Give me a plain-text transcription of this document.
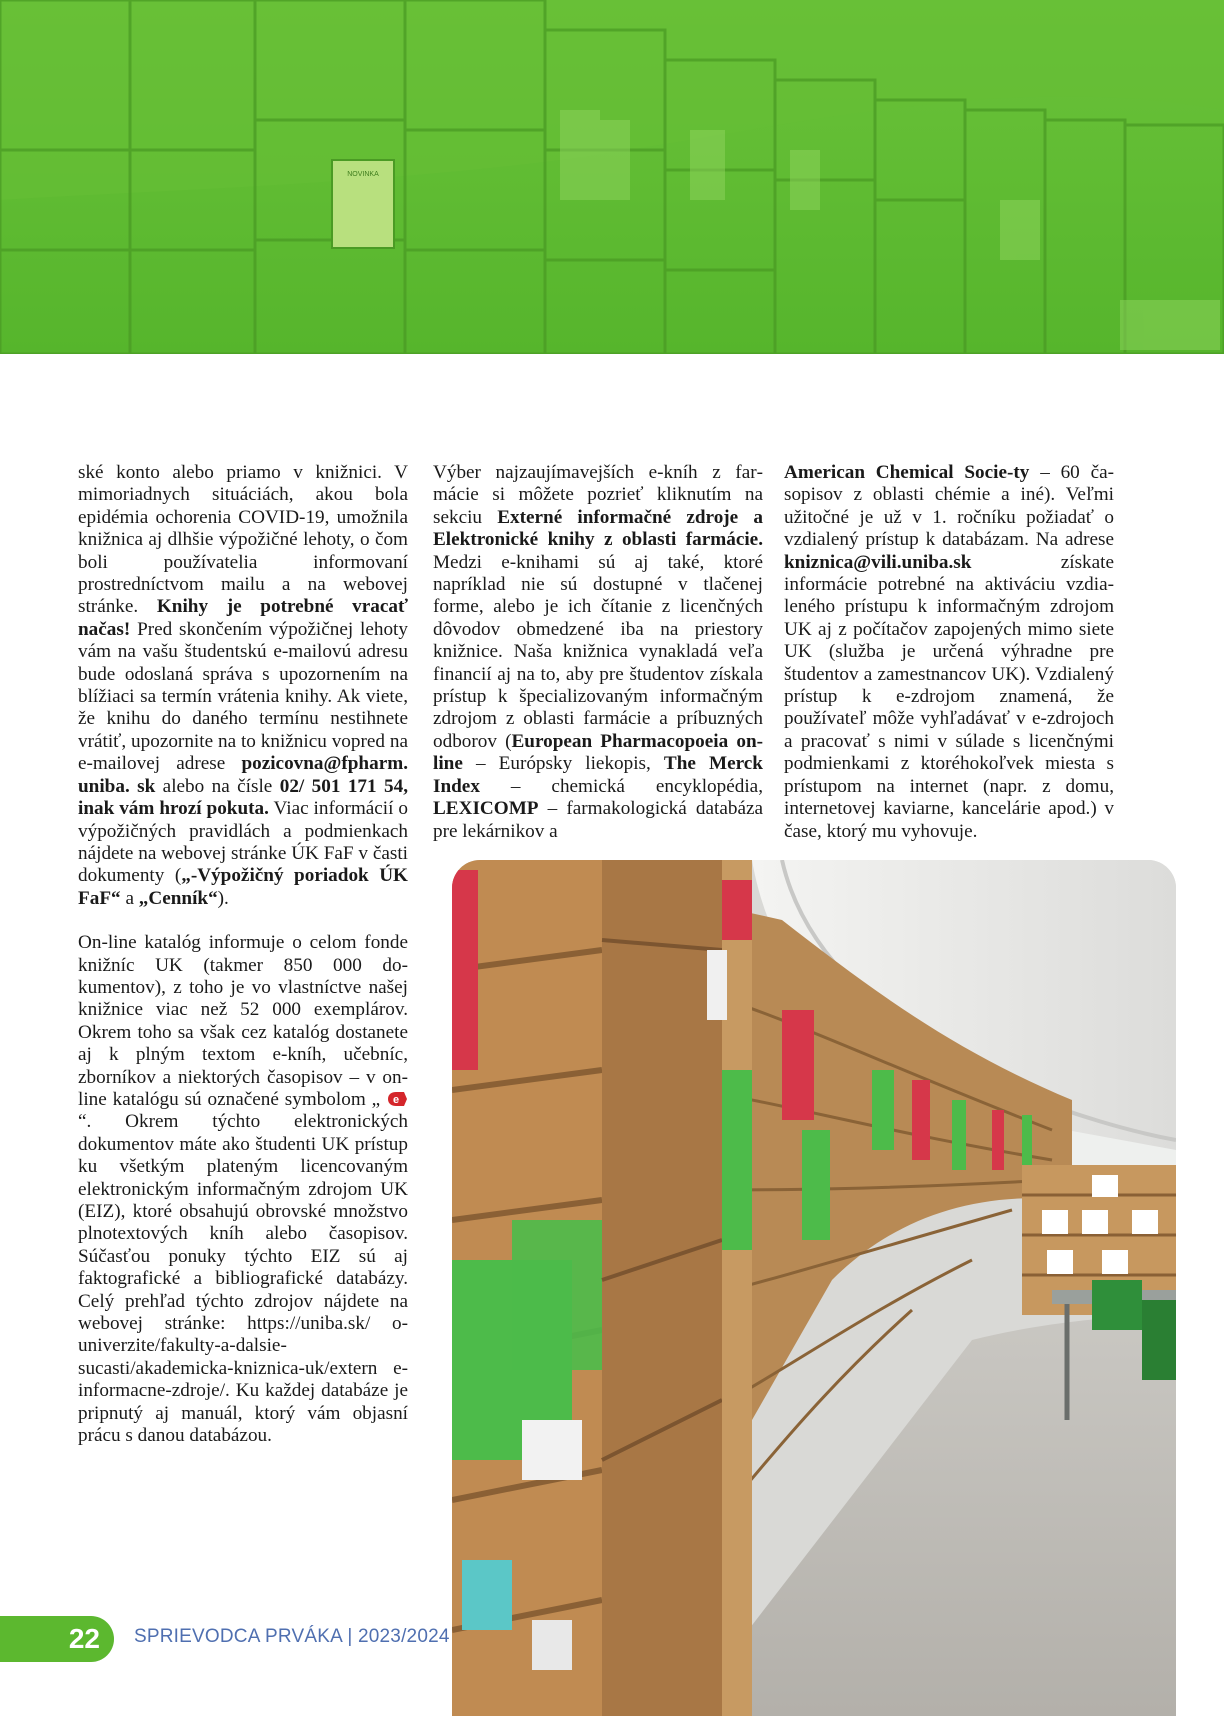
NOVINKA

ské konto alebo priamo v knižnici. V mimoriadnych situáciách, akou bola epidémia ochorenia COVID-19, umožnila knižnica aj dlhšie výpožičné lehoty, o čom boli používatelia informovaní prostredníctvom mailu a na webovej stránke. Knihy je potrebné vracať načas! Pred skončením výpožičnej lehoty vám na vašu študentskú e-mailovú adresu bude odoslaná správa s upozornením na blížiaci sa termín vrátenia knihy. Ak viete, že knihu do daného termínu nestihnete vrátiť, upozornite na to knižnicu vopred na e-mailovej adrese pozicovna@fpharm. uniba. sk alebo na čísle 02/ 501 171 54, inak vám hrozí pokuta. Viac informácií o výpožičných pravidlách a podmienkach nájdete na webovej stránke ÚK FaF v časti dokumenty („-Výpožičný poriadok ÚK FaF“ a „Cenník“).

On-line katalóg informuje o celom fonde knižníc UK (takmer 850 000 dokumentov), z toho je vo vlastníctve našej knižnice viac než 52 000 exemplárov. Okrem toho sa však cez katalóg dostanete aj k plným textom e-kníh, učebníc, zborníkov a niektorých časopisov – v on-line katalógu sú označené symbolom „ e
“. Okrem týchto elektronických dokumentov máte ako študenti UK prístup ku všetkým plateným licencovaným elektronickým informačným zdrojom UK (EIZ), ktoré obsahujú obrovské množstvo plnotextových kníh alebo časopisov. Súčasťou ponuky týchto EIZ sú aj faktografické a bibliografické databázy. Celý prehľad týchto zdrojov nájdete na webovej stránke: https://uniba.sk/ o-univerzite/fakulty-a-dalsie-sucasti/akademicka-kniznica-uk/extern e-informacne-zdroje/. Ku každej databáze je pripnutý aj manuál, ktorý vám objasní prácu s danou databázou.

Výber najzaujímavejších e-kníh z farmácie si môžete pozrieť kliknutím na sekciu Externé informačné zdroje a Elektronické knihy z oblasti farmácie. Medzi e-knihami sú aj také, ktoré napríklad nie sú dostupné v tlačenej forme, alebo je ich čítanie z licenčných dôvodov obmedzené iba na priestory knižnice. Naša knižnica vynakladá veľa financií aj na to, aby pre študentov získala prístup k špecializovaným informačným zdrojom z oblasti farmácie a príbuzných odborov (European Pharmacopoeia on-line – Európsky liekopis, The Merck Index – chemická encyklopédia, LEXICOMP – farmakologická databáza pre lekárnikov a

American Chemical Socie-ty – 60 časopisov z oblasti chémie a iné). Veľmi užitočné je už v 1. ročníku požiadať o vzdialený prístup k databázam. Na adrese kniznica@vili.uniba.sk získate informácie potrebné na aktiváciu vzdialeného prístupu k informačným zdrojom UK aj z počítačov zapojených mimo siete UK (služba je určená výhradne pre študentov a zamestnancov UK). Vzdialený prístup k e-zdrojom znamená, že používateľ môže vyhľadávať v e-zdrojoch a pracovať s nimi v súlade s licenčnými podmienkami z ktoréhokoľvek miesta s prístupom na internet (napr. z domu, internetovej kaviarne, kancelárie apod.) v čase, ktorý mu vyhovuje.

22 SPRIEVODCA PRVÁKA | 2023/2024
